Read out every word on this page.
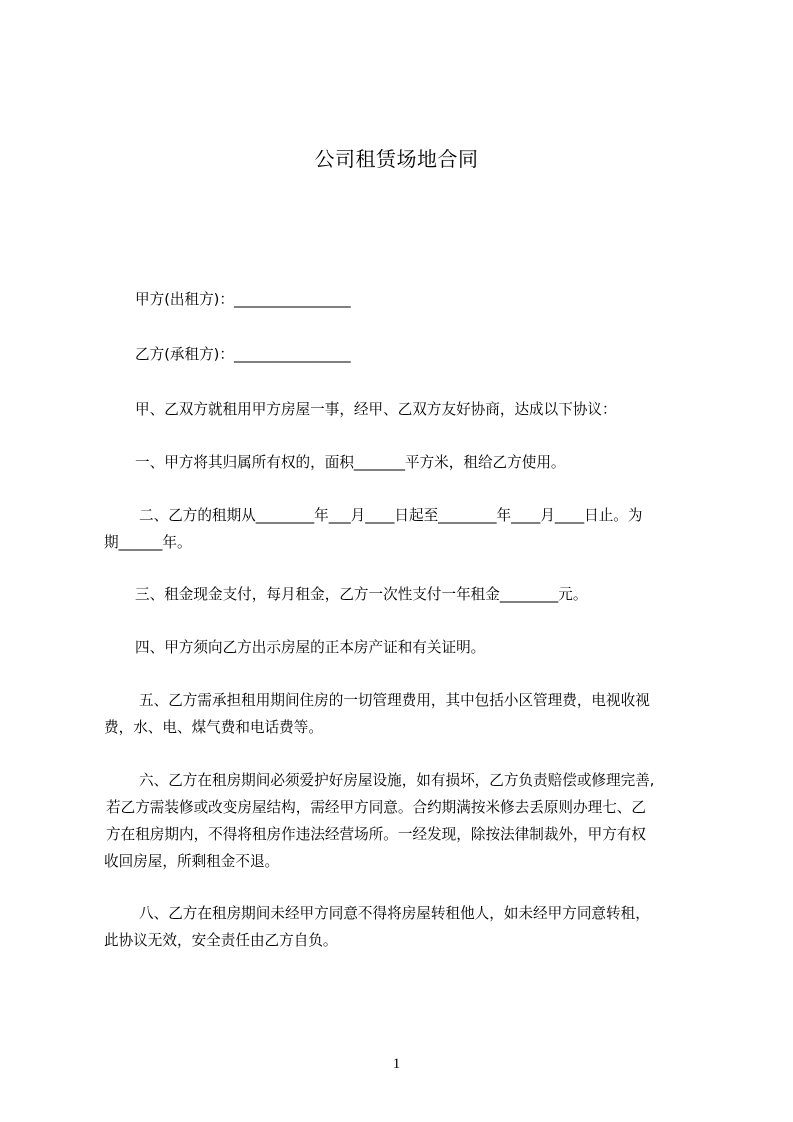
公司租赁场地合同
甲方(出租方)：________________
乙方(承租方)：________________
甲、乙双方就租用甲方房屋一事，经甲、乙双方友好协商，达成以下协议：
一、甲方将其归属所有权的，面积_______平方米，租给乙方使用。
二、乙方的租期从________年___月____日起至________年____月____日止。为
期______年。
三、租金现金支付，每月租金，乙方一次性支付一年租金________元。
四、甲方须向乙方出示房屋的正本房产证和有关证明。
五、乙方需承担租用期间住房的一切管理费用，其中包括小区管理费，电视收视
费，水、电、煤气费和电话费等。
六、乙方在租房期间必须爱护好房屋设施，如有损坏，乙方负责赔偿或修理完善,
若乙方需装修或改变房屋结构，需经甲方同意。合约期满按米修去丢原则办理七、乙
方在租房期内，不得将租房作违法经营场所。一经发现，除按法律制裁外，甲方有权
收回房屋，所剩租金不退。
八、乙方在租房期间未经甲方同意不得将房屋转租他人，如未经甲方同意转租，
此协议无效，安全责任由乙方自负。
1
